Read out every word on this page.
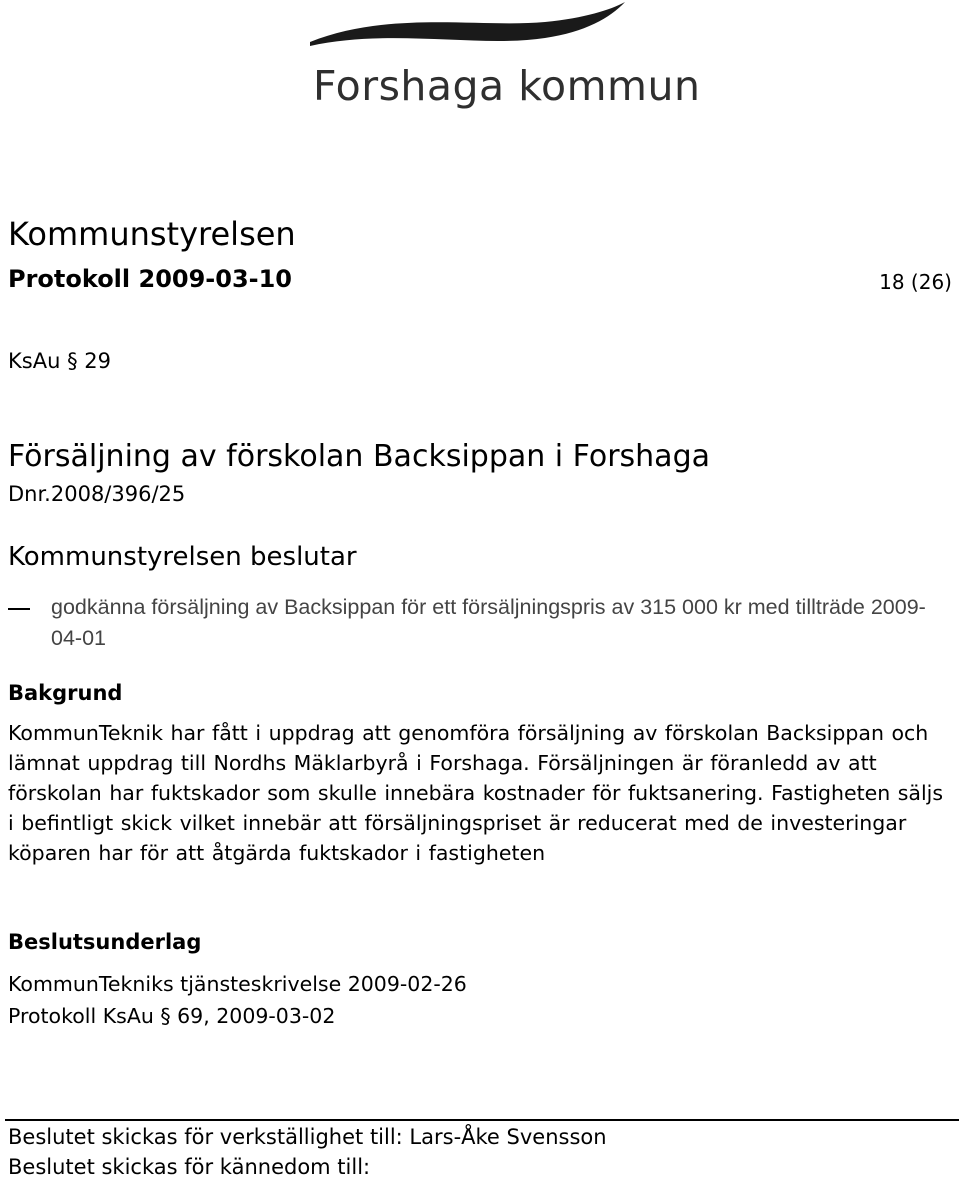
Forshaga kommun
Kommunstyrelsen
Protokoll 2009-03-10	18 (26)
KsAu § 29
Försäljning av förskolan Backsippan i Forshaga
Dnr.2008/396/25
Kommunstyrelsen beslutar
godkänna försäljning av Backsippan för ett försäljningspris av 315 000 kr med tillträde 2009-04-01
Bakgrund
KommunTeknik har fått i uppdrag att genomföra försäljning av förskolan Backsippan och lämnat uppdrag till Nordhs Mäklarbyrå i Forshaga. Försäljningen är föranledd av att förskolan har fuktskador som skulle innebära kostnader för fuktsanering. Fastigheten säljs i befintligt skick vilket innebär att försäljningspriset är reducerat med de investeringar köparen har för att åtgärda fuktskador i fastigheten
Beslutsunderlag
KommunTekniks tjänsteskrivelse 2009-02-26
Protokoll KsAu § 69, 2009-03-02
Beslutet skickas för verkställighet till: Lars-Åke Svensson
Beslutet skickas för kännedom till:
